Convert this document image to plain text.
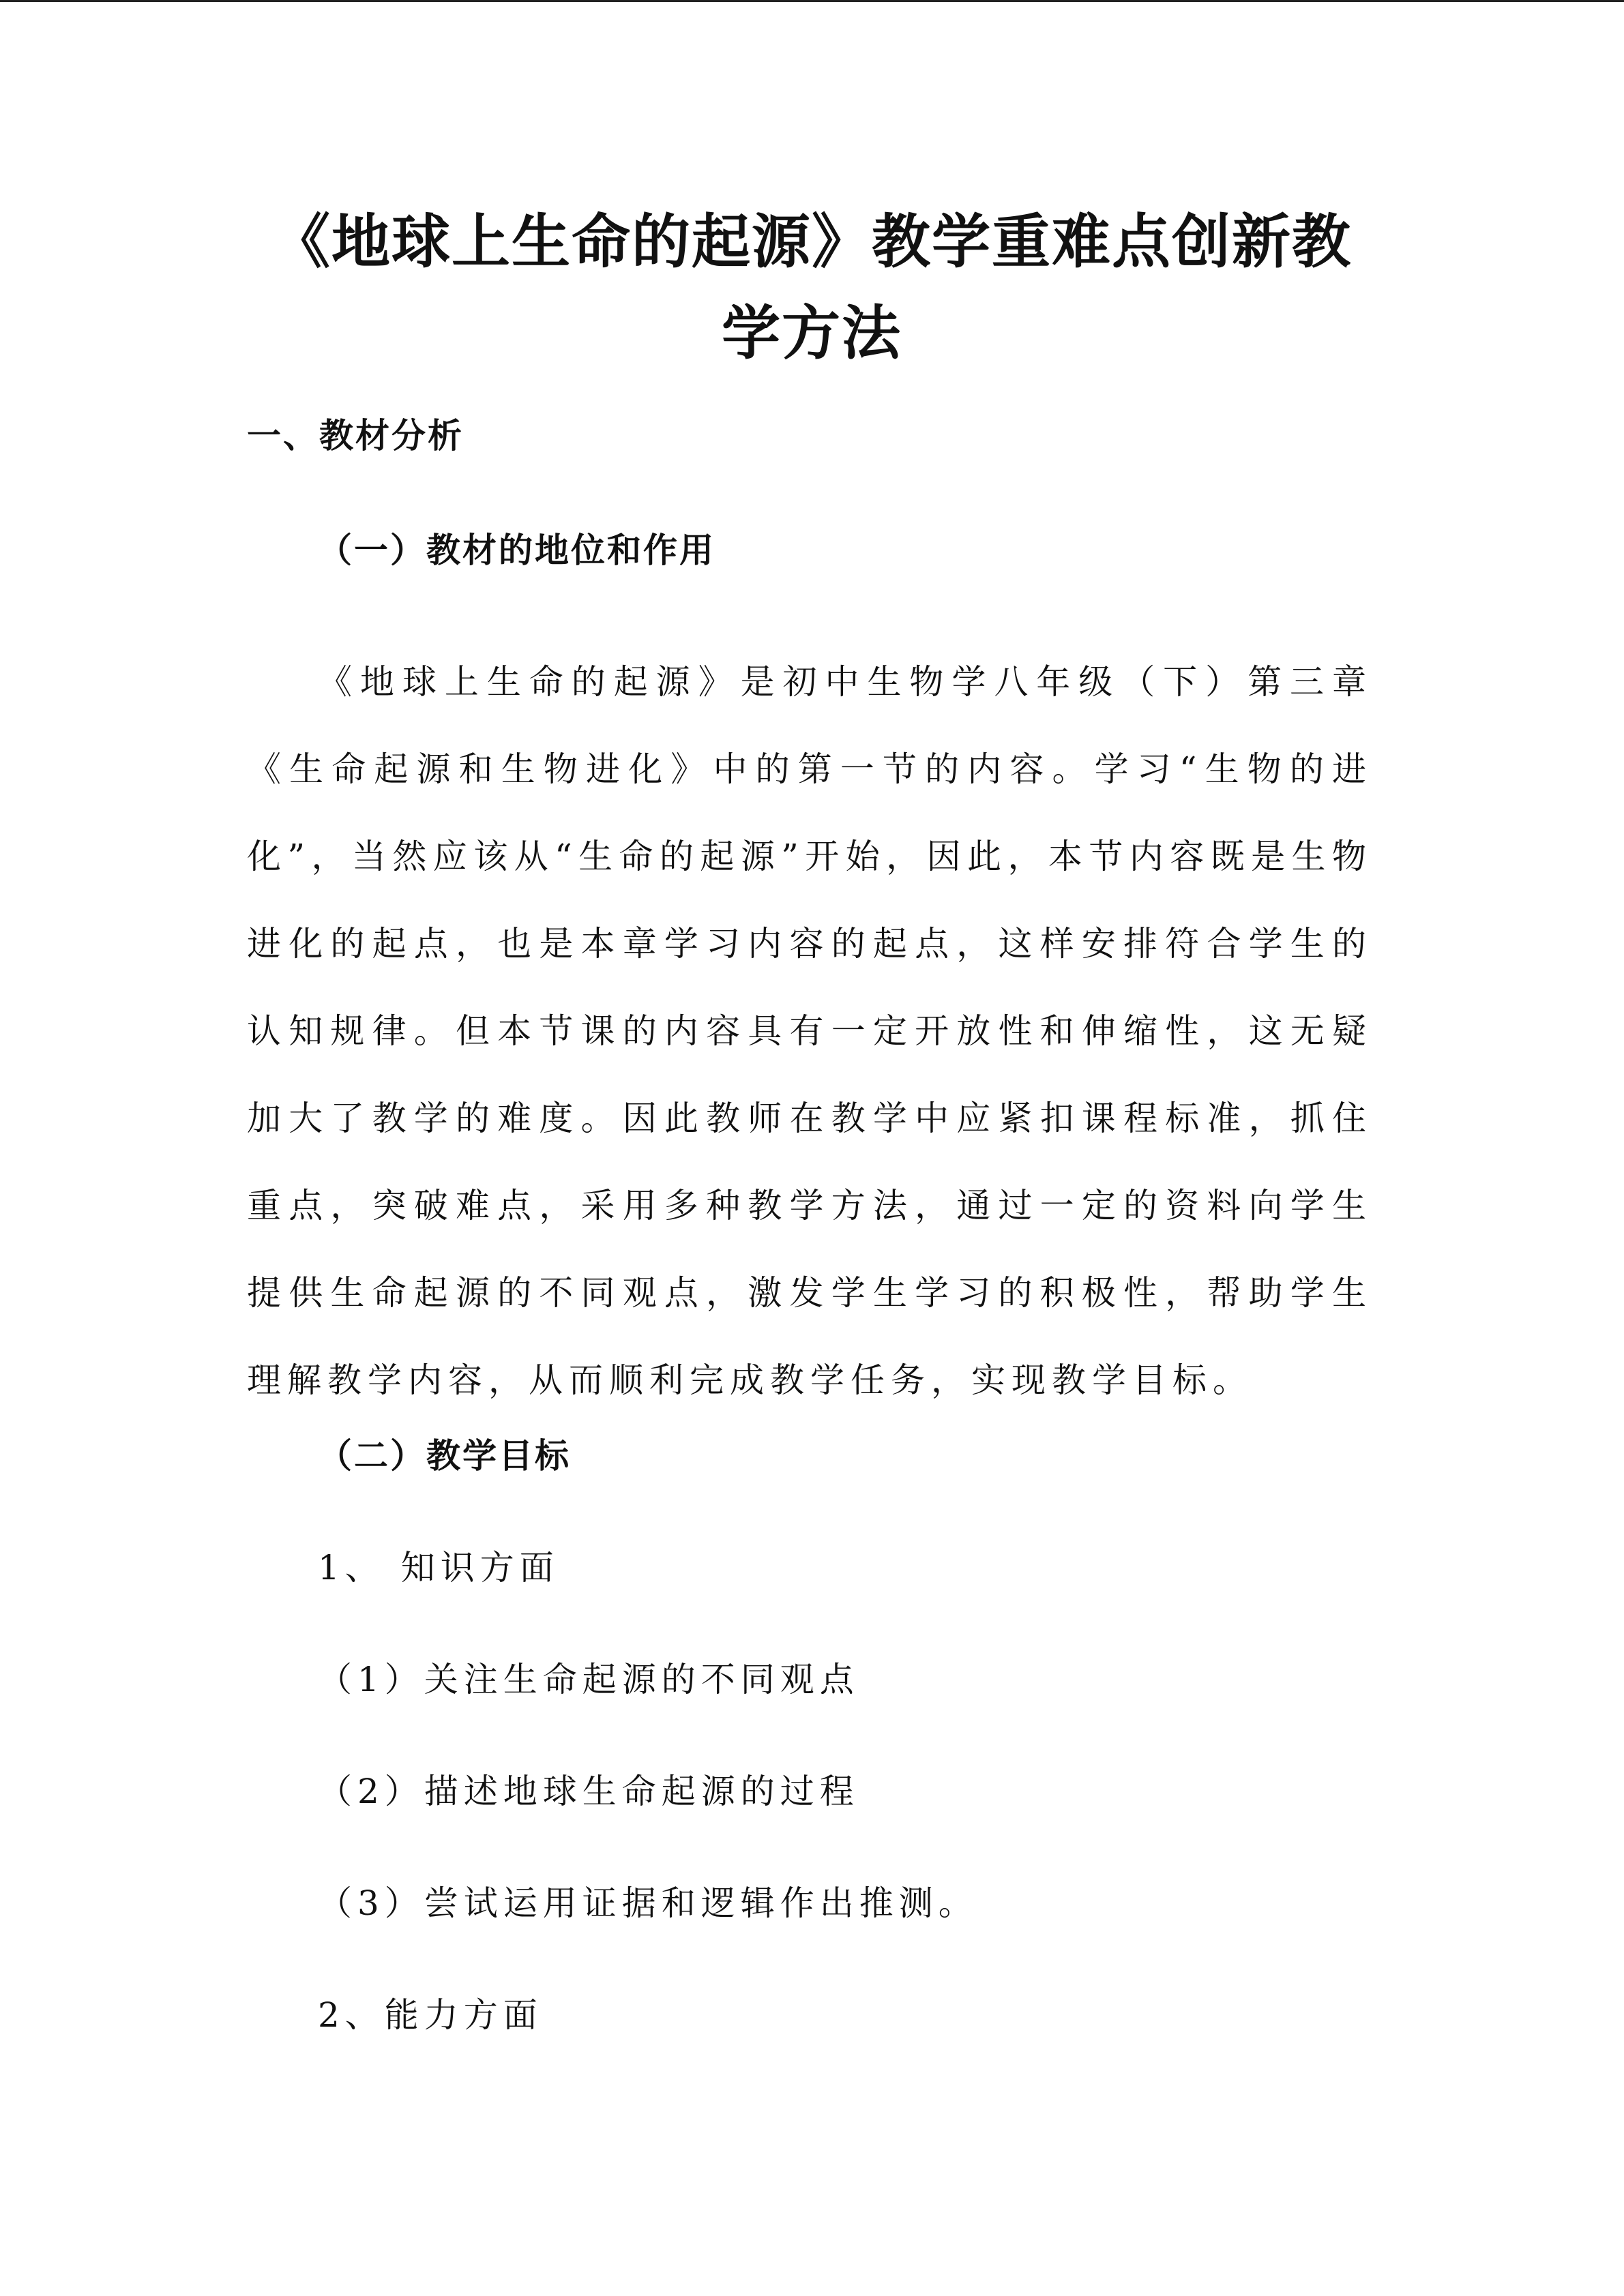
《地球上生命的起源》教学重难点创新教学方法
一、教材分析
（一）教材的地位和作用
《地球上生命的起源》是初中生物学八年级（下）第三章《生命起源和生物进化》中的第一节的内容。学习“生物的进化”，当然应该从“生命的起源”开始，因此，本节内容既是生物进化的起点，也是本章学习内容的起点，这样安排符合学生的认知规律。但本节课的内容具有一定开放性和伸缩性，这无疑加大了教学的难度。因此教师在教学中应紧扣课程标准，抓住重点，突破难点，采用多种教学方法，通过一定的资料向学生提供生命起源的不同观点，激发学生学习的积极性，帮助学生理解教学内容，从而顺利完成教学任务，实现教学目标。
（二）教学目标
1、 知识方面
（1）关注生命起源的不同观点
（2）描述地球生命起源的过程
（3）尝试运用证据和逻辑作出推测。
2、能力方面
